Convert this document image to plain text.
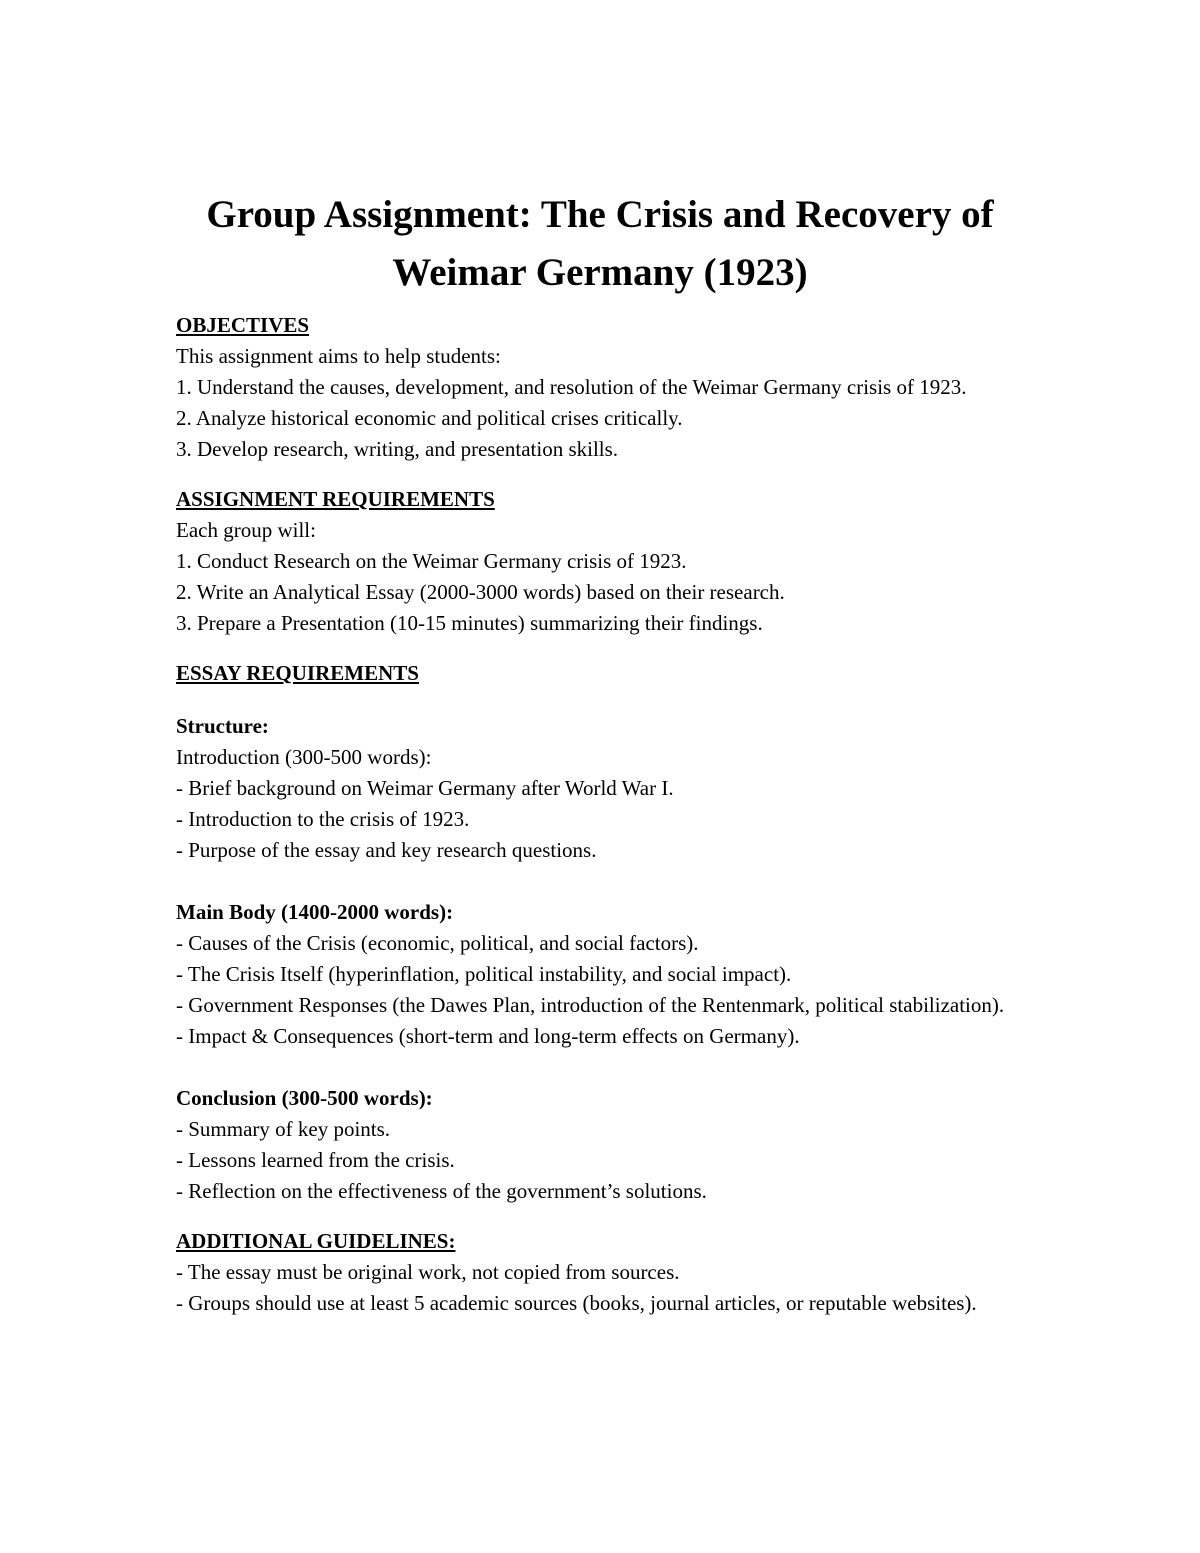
Group Assignment: The Crisis and Recovery of
Weimar Germany (1923)
OBJECTIVES
This assignment aims to help students:
1. Understand the causes, development, and resolution of the Weimar Germany crisis of 1923.
2. Analyze historical economic and political crises critically.
3. Develop research, writing, and presentation skills.
ASSIGNMENT REQUIREMENTS
Each group will:
1. Conduct Research on the Weimar Germany crisis of 1923.
2. Write an Analytical Essay (2000-3000 words) based on their research.
3. Prepare a Presentation (10-15 minutes) summarizing their findings.
ESSAY REQUIREMENTS
Structure:
Introduction (300-500 words):
- Brief background on Weimar Germany after World War I.
- Introduction to the crisis of 1923.
- Purpose of the essay and key research questions.
Main Body (1400-2000 words):
- Causes of the Crisis (economic, political, and social factors).
- The Crisis Itself (hyperinflation, political instability, and social impact).
- Government Responses (the Dawes Plan, introduction of the Rentenmark, political stabilization).
- Impact & Consequences (short-term and long-term effects on Germany).
Conclusion (300-500 words):
- Summary of key points.
- Lessons learned from the crisis.
- Reflection on the effectiveness of the government’s solutions.
ADDITIONAL GUIDELINES:
- The essay must be original work, not copied from sources.
- Groups should use at least 5 academic sources (books, journal articles, or reputable websites).
